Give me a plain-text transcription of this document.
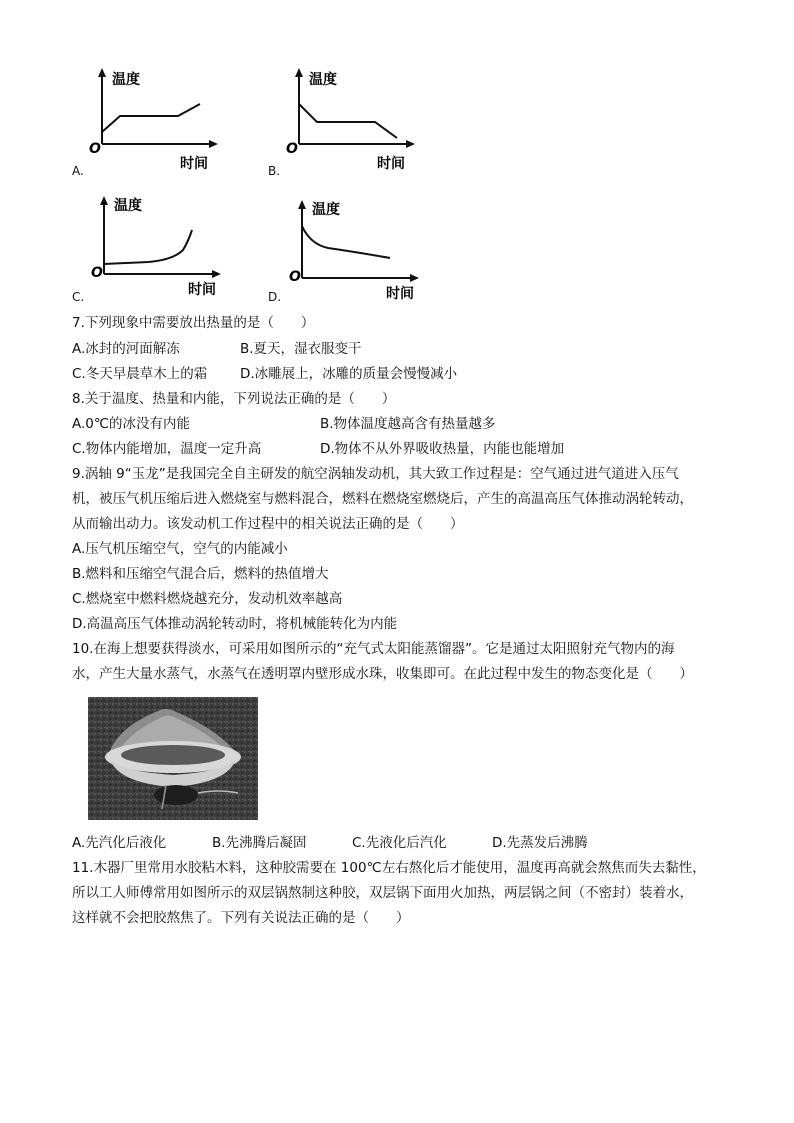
温度
O
时间
A.
温度
O
时间
B.
温度
O
时间
C.
温度
O
时间
D.
7.下列现象中需要放出热量的是（　　）
A.冰封的河面解冻	B.夏天，湿衣服变干
C.冬天早晨草木上的霜 D.冰雕展上，冰雕的质量会慢慢减小
8.关于温度、热量和内能，下列说法正确的是（　　）
A.0℃的冰没有内能	B.物体温度越高含有热量越多
C.物体内能增加，温度一定升高	D.物体不从外界吸收热量，内能也能增加
9.涡轴 9“玉龙”是我国完全自主研发的航空涡轴发动机，其大致工作过程是：空气通过进气道进入压气
机，被压气机压缩后进入燃烧室与燃料混合，燃料在燃烧室燃烧后，产生的高温高压气体推动涡轮转动，
从而输出动力。该发动机工作过程中的相关说法正确的是（　　）
A.压气机压缩空气，空气的内能减小
B.燃料和压缩空气混合后，燃料的热值增大
C.燃烧室中燃料燃烧越充分，发动机效率越高
D.高温高压气体推动涡轮转动时，将机械能转化为内能
10.在海上想要获得淡水，可采用如图所示的“充气式太阳能蒸馏器”。它是通过太阳照射充气物内的海
水，产生大量水蒸气，水蒸气在透明罩内壁形成水珠，收集即可。在此过程中发生的物态变化是（　　）
A.先汽化后液化	B.先沸腾后凝固	C.先液化后汽化	D.先蒸发后沸腾
11.木器厂里常用水胶粘木料，这种胶需要在 100℃左右熬化后才能使用，温度再高就会熬焦而失去黏性，
所以工人师傅常用如图所示的双层锅熬制这种胶，双层锅下面用火加热，两层锅之间（不密封）装着水，
这样就不会把胶熬焦了。下列有关说法正确的是（　　）
